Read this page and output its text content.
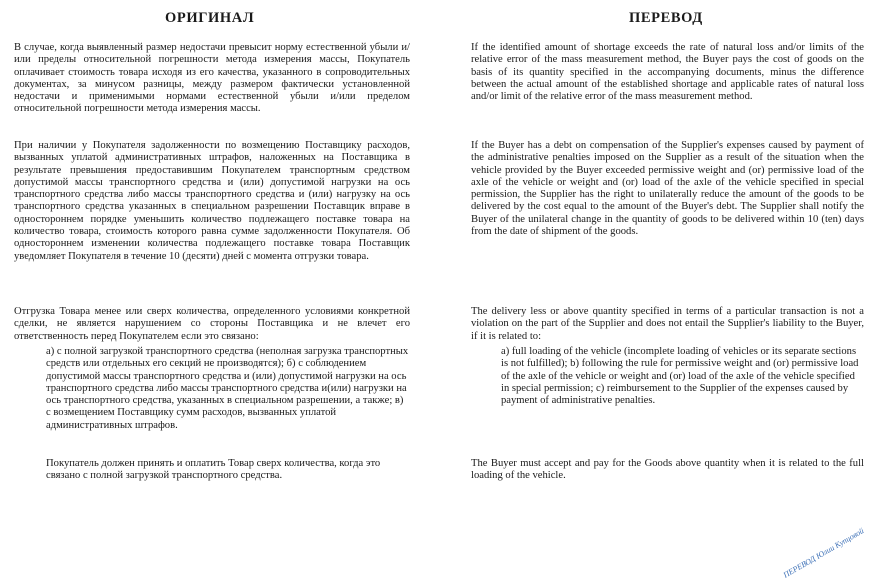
ОРИГИНАЛ

В случае, когда выявленный размер недостачи превысит норму естественной убыли и/или пределы относительной погрешности метода измерения массы, Покупатель оплачивает стоимость товара исходя из его качества, указанного в сопроводительных документах, за минусом разницы, между размером фактически установленной недостачи и применимыми нормами естественной убыли и/или пределом относительной погрешности метода измерения массы.

При наличии у Покупателя задолженности по возмещению Поставщику расходов, вызванных уплатой административных штрафов, наложенных на Поставщика в результате превышения предоставившим Покупателем транспортным средством допустимой массы транспортного средства и (или) допустимой нагрузки на ось транспортного средства либо массы транспортного средства и (или) нагрузку на ось транспортного средства указанных в специальном разрешении Поставщик вправе в одностороннем порядке уменьшить количество подлежащего поставке товара на количество товара, стоимость которого равна сумме задолженности Покупателя. Об одностороннем изменении количества подлежащего поставке товара Поставщик уведомляет Покупателя в течение 10 (десяти) дней с момента отгрузки товара.

Отгрузка Товара менее или сверх количества, определенного условиями конкретной сделки, не является нарушением со стороны Поставщика и не влечет его ответственность перед Покупателем если это связано:

а) с полной загрузкой транспортного средства (неполная загрузка транспортных средств или отдельных его секций не производятся); б) с соблюдением допустимой массы транспортного средства и (или) допустимой нагрузки на ось транспортного средства либо массы транспортного средства и(или) нагрузки на ось транспортного средства, указанных в специальном разрешении, а также; в) с возмещением Поставщику сумм расходов, вызванных уплатой административных штрафов.

Покупатель должен принять и оплатить Товар сверх количества, когда это связано с полной загрузкой транспортного средства.

ПЕРЕВОД

If the identified amount of shortage exceeds the rate of natural loss and/or limits of the relative error of the mass measurement method, the Buyer pays the cost of goods on the basis of its quantity specified in the accompanying documents, minus the difference between the actual amount of the established shortage and applicable rates of natural loss and/or limit of the relative error of the mass measurement method.

If the Buyer has a debt on compensation of the Supplier's expenses caused by payment of the administrative penalties imposed on the Supplier as a result of the situation when the vehicle provided by the Buyer exceeded permissive weight and (or) permissive load of the axle of the vehicle or weight and (or) load of the axle of the vehicle specified in special permission, the Supplier has the right to unilaterally reduce the amount of the goods to be delivered by the cost equal to the amount of the Buyer's debt. The Supplier shall notify the Buyer of the unilateral change in the quantity of goods to be delivered within 10 (ten) days from the date of shipment of the goods.

The delivery less or above quantity specified in terms of a particular transaction is not a violation on the part of the Supplier and does not entail the Supplier's liability to the Buyer, if it is related to:

a) full loading of the vehicle (incomplete loading of vehicles or its separate sections is not fulfilled); b) following the rule for permissive weight and (or) permissive load of the axle of the vehicle or weight and (or) load of the axle of the vehicle specified in special permission; c) reimbursement to the Supplier of the expenses caused by payment of administrative penalties.

The Buyer must accept and pay for the Goods above quantity when it is related to the full loading of the vehicle.

ПЕРЕВОД Юлии Купцовой
